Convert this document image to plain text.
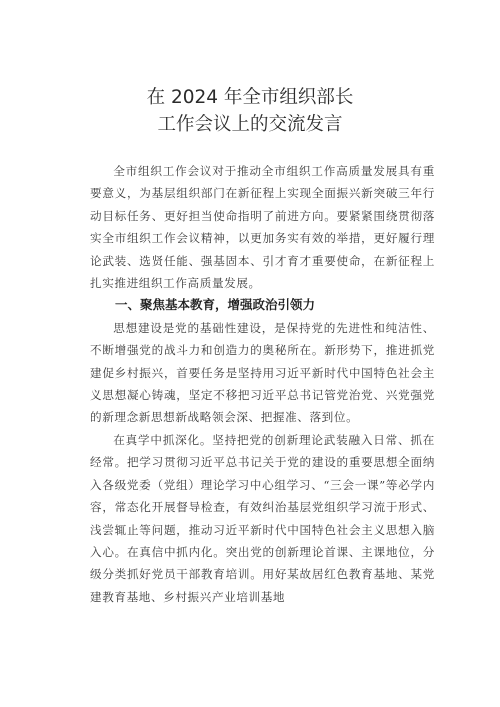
在 2024 年全市组织部长
工作会议上的交流发言

全市组织工作会议对于推动全市组织工作高质量发展具有重要意义，为基层组织部门在新征程上实现全面振兴新突破三年行动目标任务、更好担当使命指明了前进方向。要紧紧围绕贯彻落实全市组织工作会议精神，以更加务实有效的举措，更好履行理论武装、选贤任能、强基固本、引才育才重要使命，在新征程上扎实推进组织工作高质量发展。

一、聚焦基本教育，增强政治引领力

思想建设是党的基础性建设，是保持党的先进性和纯洁性、不断增强党的战斗力和创造力的奥秘所在。新形势下，推进抓党建促乡村振兴，首要任务是坚持用习近平新时代中国特色社会主义思想凝心铸魂，坚定不移把习近平总书记管党治党、兴党强党的新理念新思想新战略领会深、把握准、落到位。

在真学中抓深化。坚持把党的创新理论武装融入日常、抓在经常。把学习贯彻习近平总书记关于党的建设的重要思想全面纳入各级党委（党组）理论学习中心组学习、“三会一课”等必学内容，常态化开展督导检查，有效纠治基层党组织学习流于形式、浅尝辄止等问题，推动习近平新时代中国特色社会主义思想入脑入心。在真信中抓内化。突出党的创新理论首课、主课地位，分级分类抓好党员干部教育培训。用好某故居红色教育基地、某党建教育基地、乡村振兴产业培训基地
